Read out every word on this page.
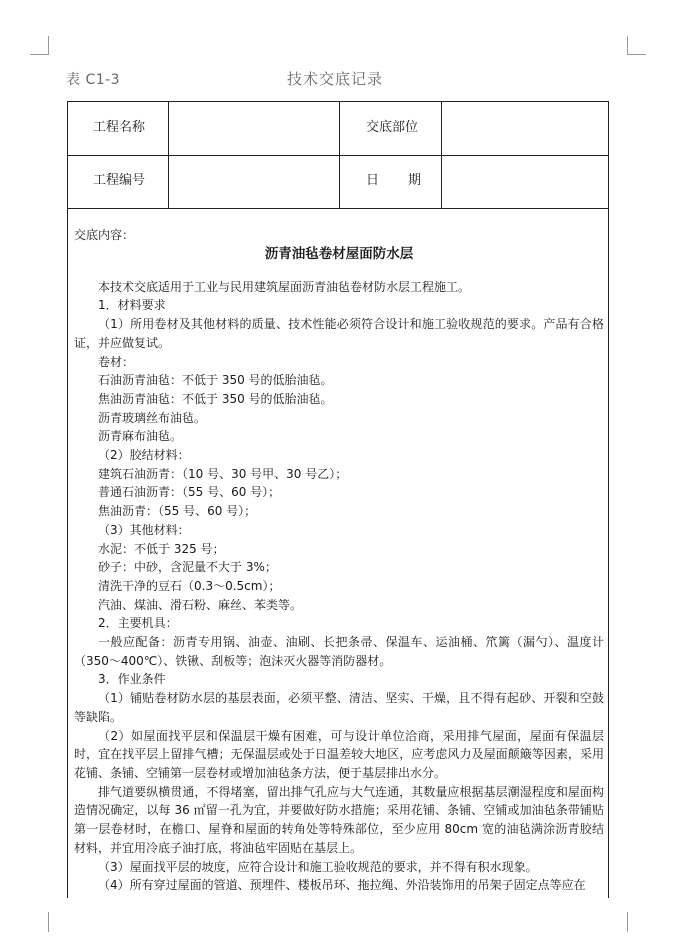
表 C1-3	技术交底记录
工程名称	交底部位
工程编号	日　期
交底内容：
沥青油毡卷材屋面防水层
本技术交底适用于工业与民用建筑屋面沥青油毡卷材防水层工程施工。
1．材料要求
（1）所用卷材及其他材料的质量、技术性能必须符合设计和施工验收规范的要求。产品有合格证，并应做复试。
卷材：
石油沥青油毡：不低于 350 号的低胎油毡。
焦油沥青油毡：不低于 350 号的低胎油毡。
沥青玻璃丝布油毡。
沥青麻布油毡。
（2）胶结材料：
建筑石油沥青：（10 号、30 号甲、30 号乙）；
普通石油沥青：（55 号、60 号）；
焦油沥青：（55 号、60 号）；
（3）其他材料：
水泥：不低于 325 号；
砂子：中砂，含泥量不大于 3%；
清洗干净的豆石（0.3～0.5cm）；
汽油、煤油、滑石粉、麻丝、苯类等。
2．主要机具：
一般应配备：沥青专用锅、油壶、油刷、长把条帚、保温车、运油桶、笊篱（漏勺）、温度计（350～400℃）、铁锹、刮板等；泡沫灭火器等消防器材。
3．作业条件
（1）铺贴卷材防水层的基层表面，必须平整、清洁、坚实、干燥，且不得有起砂、开裂和空鼓等缺陷。
（2）如屋面找平层和保温层干燥有困难，可与设计单位洽商，采用排气屋面，屋面有保温层时，宜在找平层上留排气槽；无保温层或处于日温差较大地区，应考虑风力及屋面颠簸等因素，采用花铺、条铺、空铺第一层卷材或增加油毡条方法，便于基层排出水分。
排气道要纵横贯通，不得堵塞，留出排气孔应与大气连通，其数量应根据基层潮湿程度和屋面构造情况确定，以每 36 ㎡留一孔为宜，并要做好防水措施；采用花铺、条铺、空铺或加油毡条带铺贴第一层卷材时，在檐口、屋脊和屋面的转角处等特殊部位，至少应用 80cm 宽的油毡满涂沥青胶结材料，并宜用冷底子油打底，将油毡牢固贴在基层上。
（3）屋面找平层的坡度，应符合设计和施工验收规范的要求，并不得有积水现象。
（4）所有穿过屋面的管道、预埋件、楼板吊环、拖拉绳、外沿装饰用的吊架子固定点等应在
